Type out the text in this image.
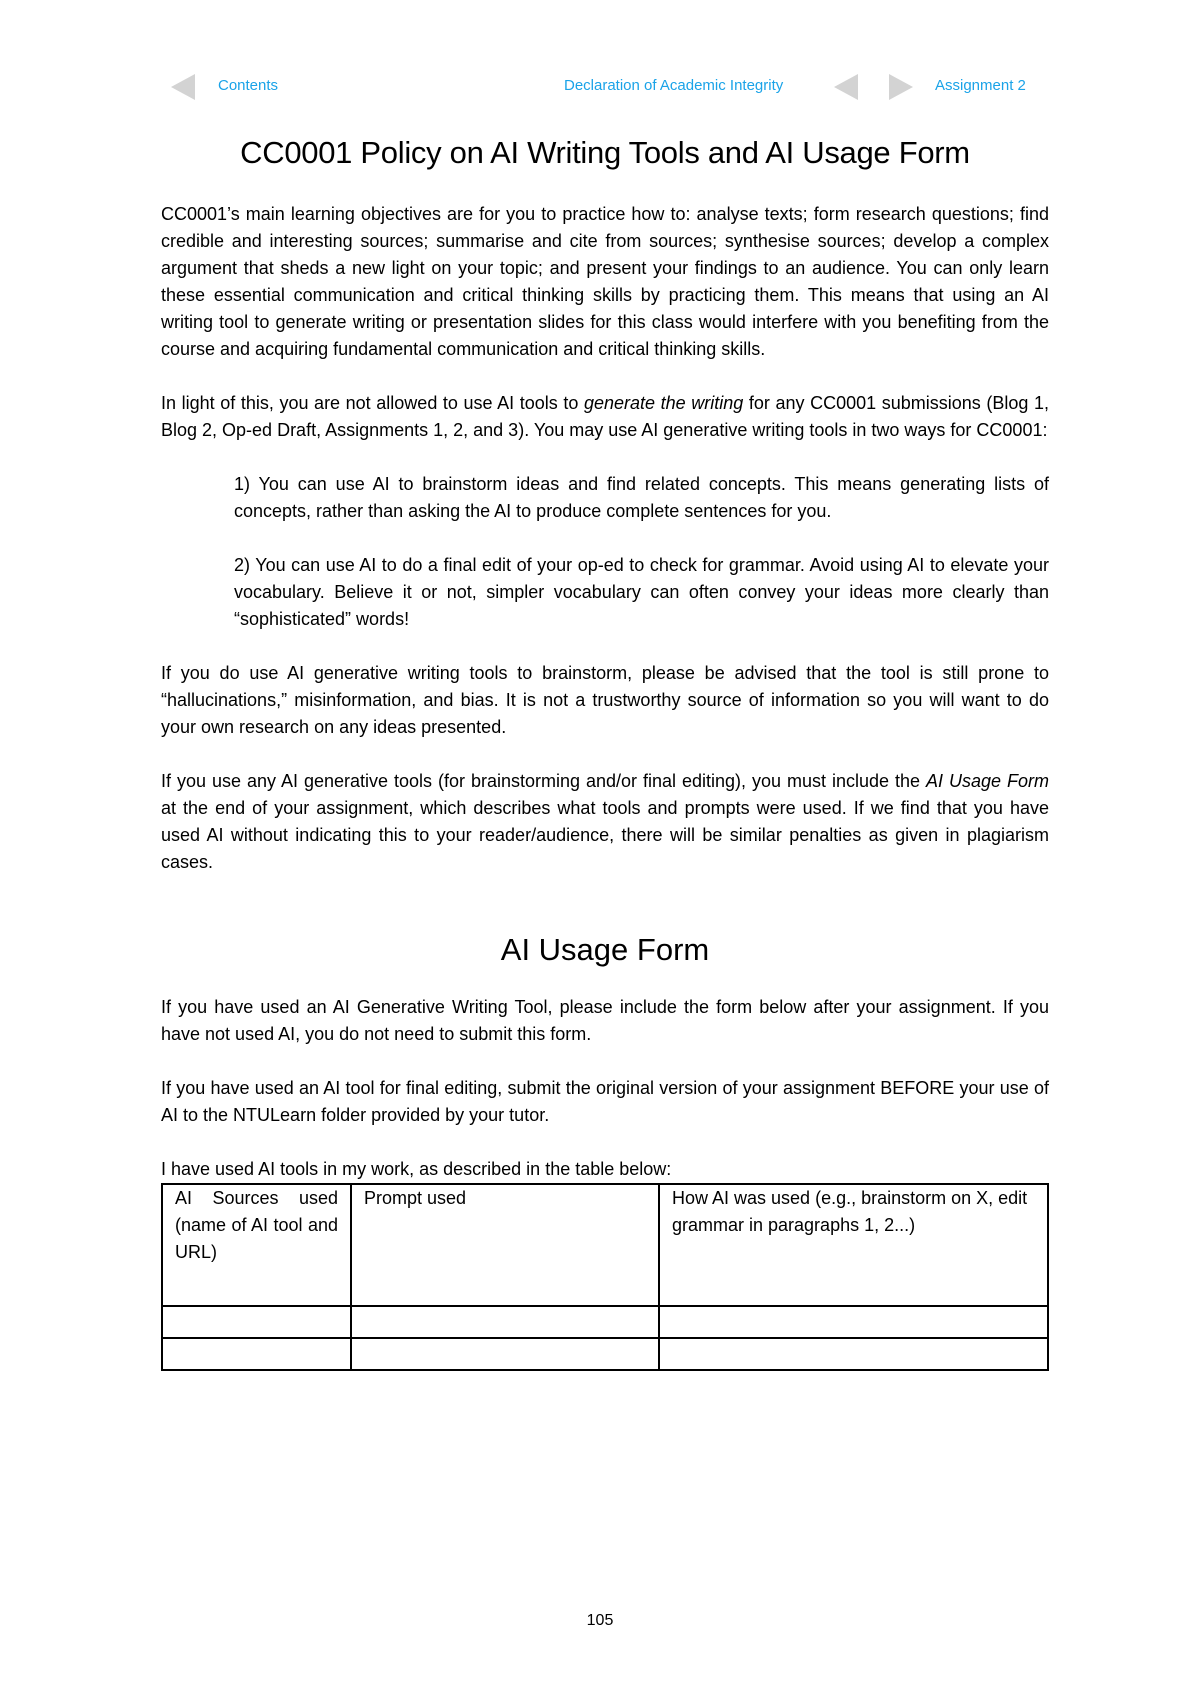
Contents	Declaration of Academic Integrity	Assignment 2
CC0001 Policy on AI Writing Tools and AI Usage Form

CC0001’s main learning objectives are for you to practice how to: analyse texts; form research questions; find credible and interesting sources; summarise and cite from sources; synthesise sources; develop a complex argument that sheds a new light on your topic; and present your findings to an audience. You can only learn these essential communication and critical thinking skills by practicing them. This means that using an AI writing tool to generate writing or presentation slides for this class would interfere with you benefiting from the course and acquiring fundamental communication and critical thinking skills.

In light of this, you are not allowed to use AI tools to generate the writing for any CC0001 submissions (Blog 1, Blog 2, Op-ed Draft, Assignments 1, 2, and 3). You may use AI generative writing tools in two ways for CC0001:

1) You can use AI to brainstorm ideas and find related concepts. This means generating lists of concepts, rather than asking the AI to produce complete sentences for you.

2) You can use AI to do a final edit of your op-ed to check for grammar. Avoid using AI to elevate your vocabulary. Believe it or not, simpler vocabulary can often convey your ideas more clearly than “sophisticated” words!

If you do use AI generative writing tools to brainstorm, please be advised that the tool is still prone to “hallucinations,” misinformation, and bias. It is not a trustworthy source of information so you will want to do your own research on any ideas presented.

If you use any AI generative tools (for brainstorming and/or final editing), you must include the AI Usage Form at the end of your assignment, which describes what tools and prompts were used. If we find that you have used AI without indicating this to your reader/audience, there will be similar penalties as given in plagiarism cases.

AI Usage Form

If you have used an AI Generative Writing Tool, please include the form below after your assignment. If you have not used AI, you do not need to submit this form.

If you have used an AI tool for final editing, submit the original version of your assignment BEFORE your use of AI to the NTULearn folder provided by your tutor.

I have used AI tools in my work, as described in the table below:

AI Sources used (name of AI tool and URL)	Prompt used	How AI was used (e.g., brainstorm on X, edit grammar in paragraphs 1, 2...)

105
